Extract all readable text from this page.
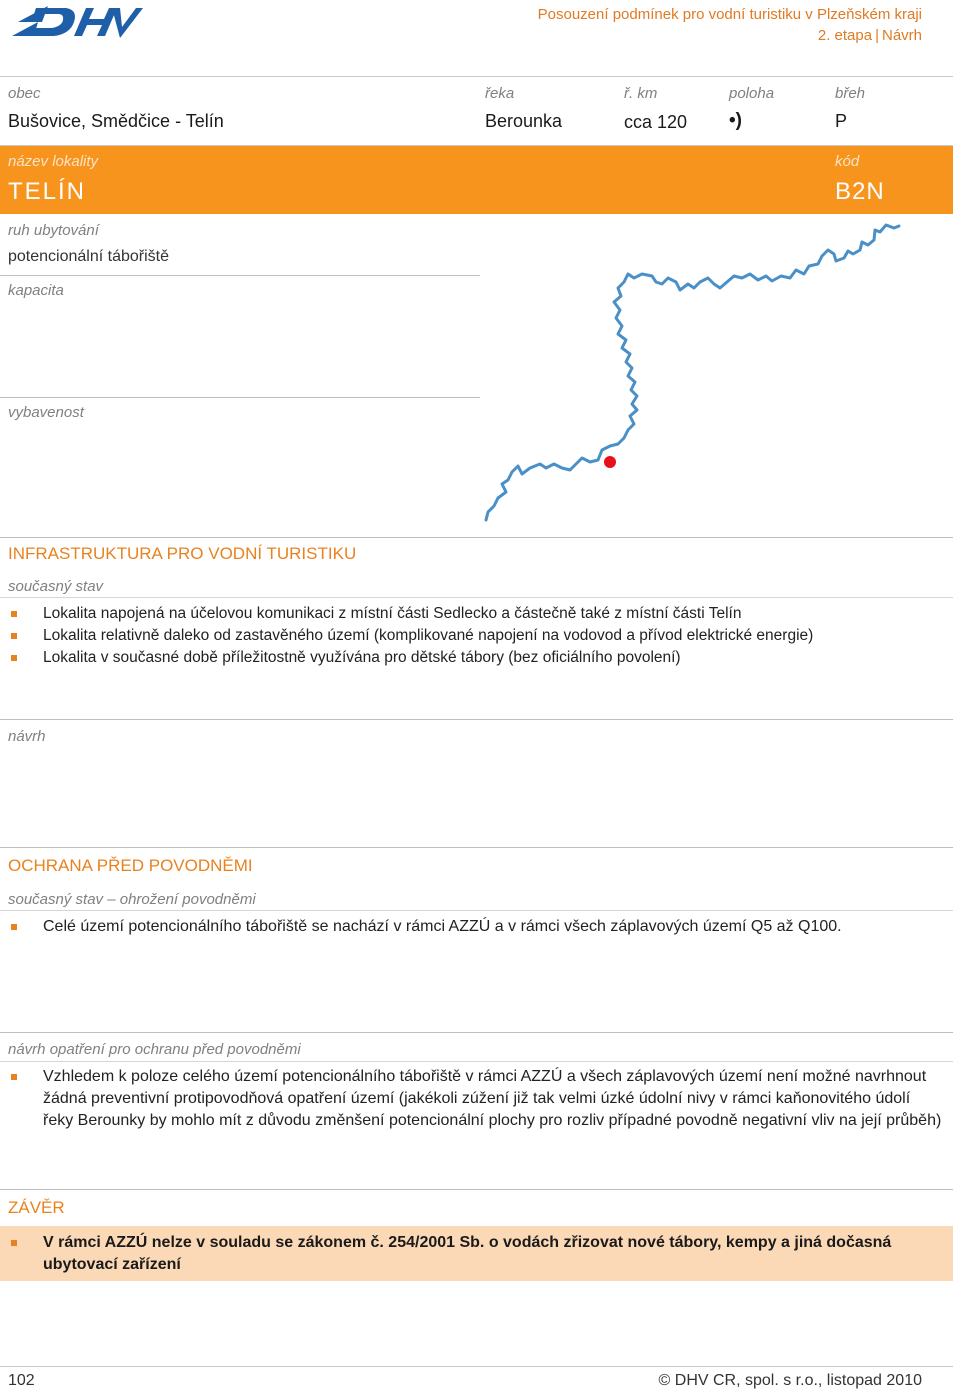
Posouzení podmínek pro vodní turistiku v Plzeňském kraji
2. etapa | Návrh
obec
Bušovice, Smědčice - Telín
řeka
Berounka
ř. km
cca 120
poloha
•)
břeh
P
název lokality
TELÍN
kód
B2N
ruh ubytování
potencionální tábořiště
kapacita
vybavenost
INFRASTRUKTURA PRO VODNÍ TURISTIKU
současný stav
Lokalita napojená na účelovou komunikaci z místní části Sedlecko a částečně také z místní části Telín
Lokalita relativně daleko od zastavěného území (komplikované napojení na vodovod a přívod elektrické energie)
Lokalita v současné době příležitostně využívána pro dětské tábory (bez oficiálního povolení)
návrh
OCHRANA PŘED POVODNĚMI
současný stav – ohrožení povodněmi
Celé území potencionálního tábořiště se nachází v rámci AZZÚ a v rámci všech záplavových území Q5 až Q100.
návrh opatření pro ochranu před povodněmi
Vzhledem k poloze celého území potencionálního tábořiště v rámci AZZÚ a všech záplavových území není možné navrhnout žádná preventivní protipovodňová opatření území (jakékoli zúžení již tak velmi úzké údolní nivy v rámci kaňonovitého údolí řeky Berounky by mohlo mít z důvodu změnšení potencionální plochy pro rozliv případné povodně negativní vliv na její průběh)
ZÁVĚR
V rámci AZZÚ nelze v souladu se zákonem č. 254/2001 Sb. o vodách zřizovat nové tábory, kempy a jiná dočasná ubytovací zařízení
102	© DHV CR, spol. s r.o., listopad 2010
